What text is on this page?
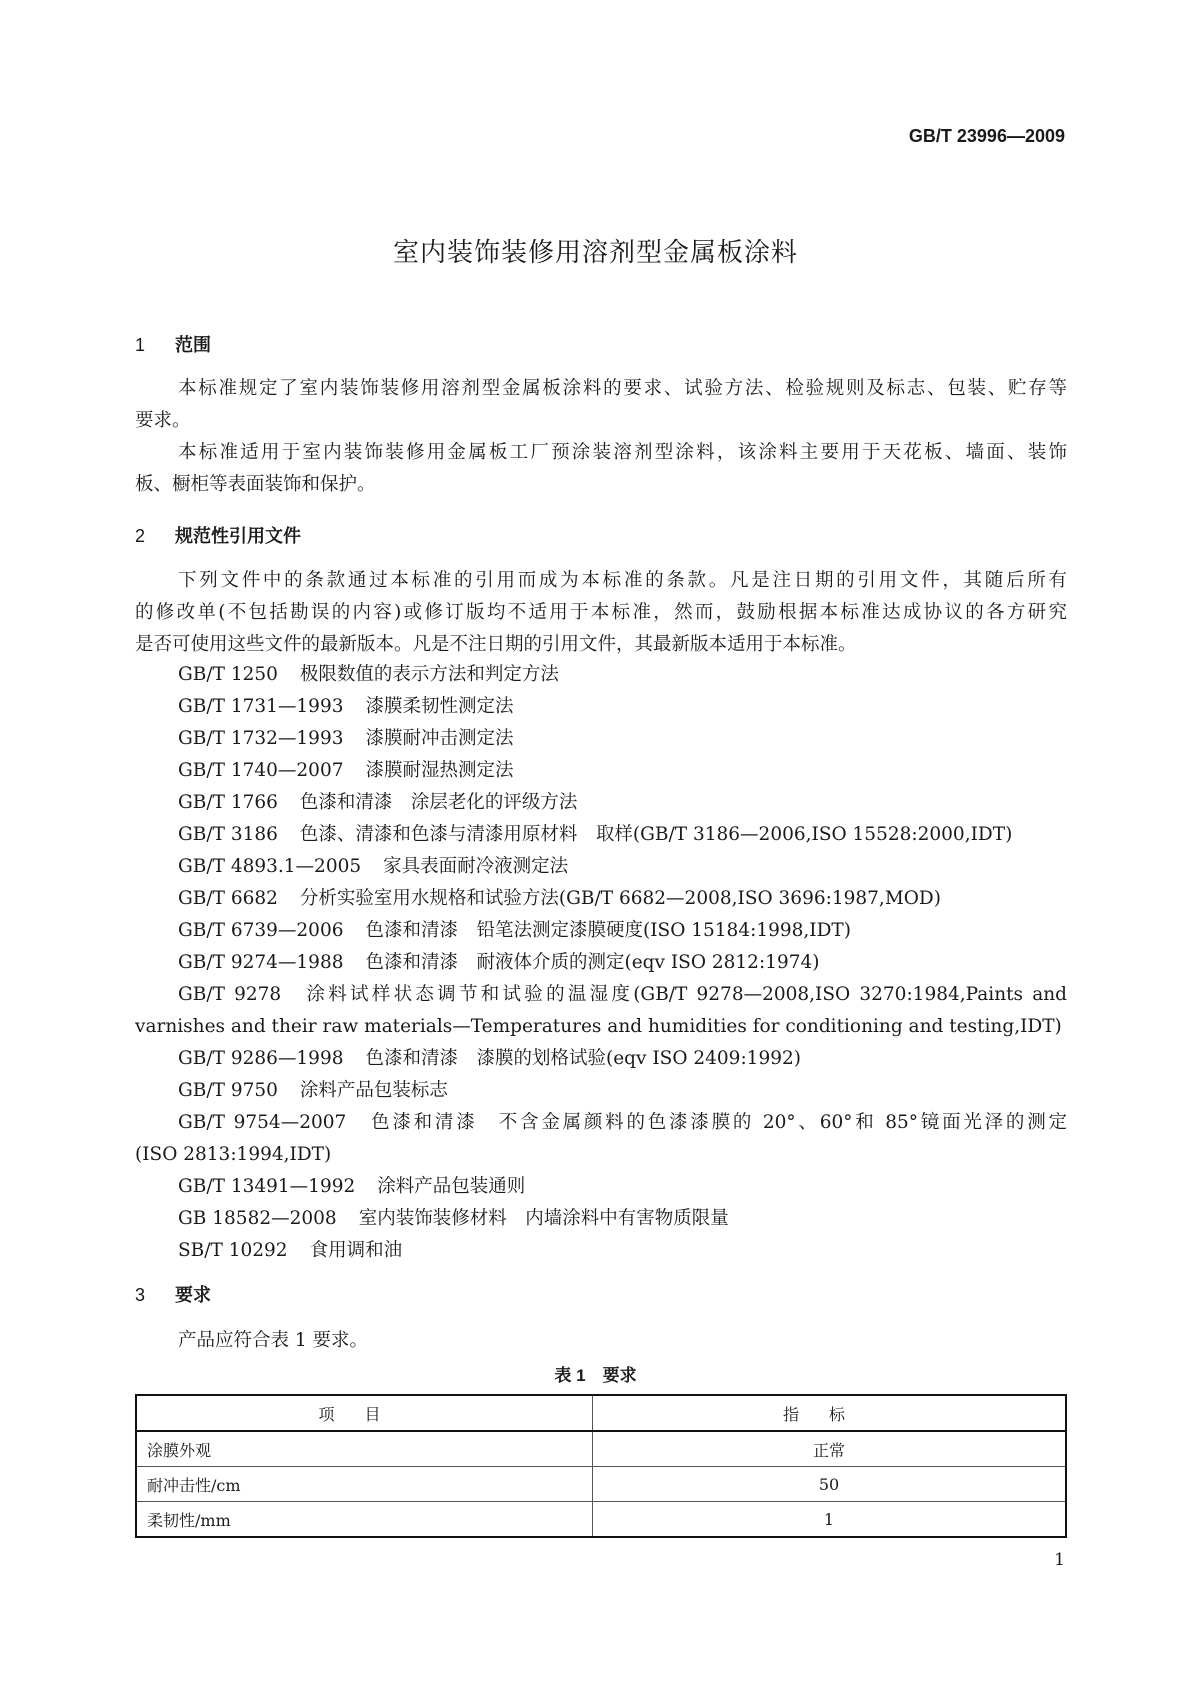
GB/T 23996—2009
室内装饰装修用溶剂型金属板涂料
1 范围
本标准规定了室内装饰装修用溶剂型金属板涂料的要求、试验方法、检验规则及标志、包装、贮存等
要求。
本标准适用于室内装饰装修用金属板工厂预涂装溶剂型涂料，该涂料主要用于天花板、墙面、装饰
板、橱柜等表面装饰和保护。
2 规范性引用文件
下列文件中的条款通过本标准的引用而成为本标准的条款。凡是注日期的引用文件，其随后所有
的修改单(不包括勘误的内容)或修订版均不适用于本标准，然而，鼓励根据本标准达成协议的各方研究
是否可使用这些文件的最新版本。凡是不注日期的引用文件，其最新版本适用于本标准。
GB/T 1250 极限数值的表示方法和判定方法
GB/T 1731—1993 漆膜柔韧性测定法
GB/T 1732—1993 漆膜耐冲击测定法
GB/T 1740—2007 漆膜耐湿热测定法
GB/T 1766 色漆和清漆　涂层老化的评级方法
GB/T 3186 色漆、清漆和色漆与清漆用原材料　取样(GB/T 3186—2006,ISO 15528:2000,IDT)
GB/T 4893.1—2005 家具表面耐冷液测定法
GB/T 6682 分析实验室用水规格和试验方法(GB/T 6682—2008,ISO 3696:1987,MOD)
GB/T 6739—2006 色漆和清漆　铅笔法测定漆膜硬度(ISO 15184:1998,IDT)
GB/T 9274—1988 色漆和清漆　耐液体介质的测定(eqv ISO 2812:1974)
GB/T 9278 涂料试样状态调节和试验的温湿度(GB/T 9278—2008,ISO 3270:1984,Paints and
varnishes and their raw materials—Temperatures and humidities for conditioning and testing,IDT)
GB/T 9286—1998 色漆和清漆　漆膜的划格试验(eqv ISO 2409:1992)
GB/T 9750 涂料产品包装标志
GB/T 9754—2007 色漆和清漆　不含金属颜料的色漆漆膜的 20°、60°和 85°镜面光泽的测定
(ISO 2813:1994,IDT)
GB/T 13491—1992 涂料产品包装通则
GB 18582—2008 室内装饰装修材料　内墙涂料中有害物质限量
SB/T 10292 食用调和油
3 要求
产品应符合表 1 要求。
表 1　要求
项目	指标
涂膜外观	正常
耐冲击性/cm	50
柔韧性/mm	1
1
